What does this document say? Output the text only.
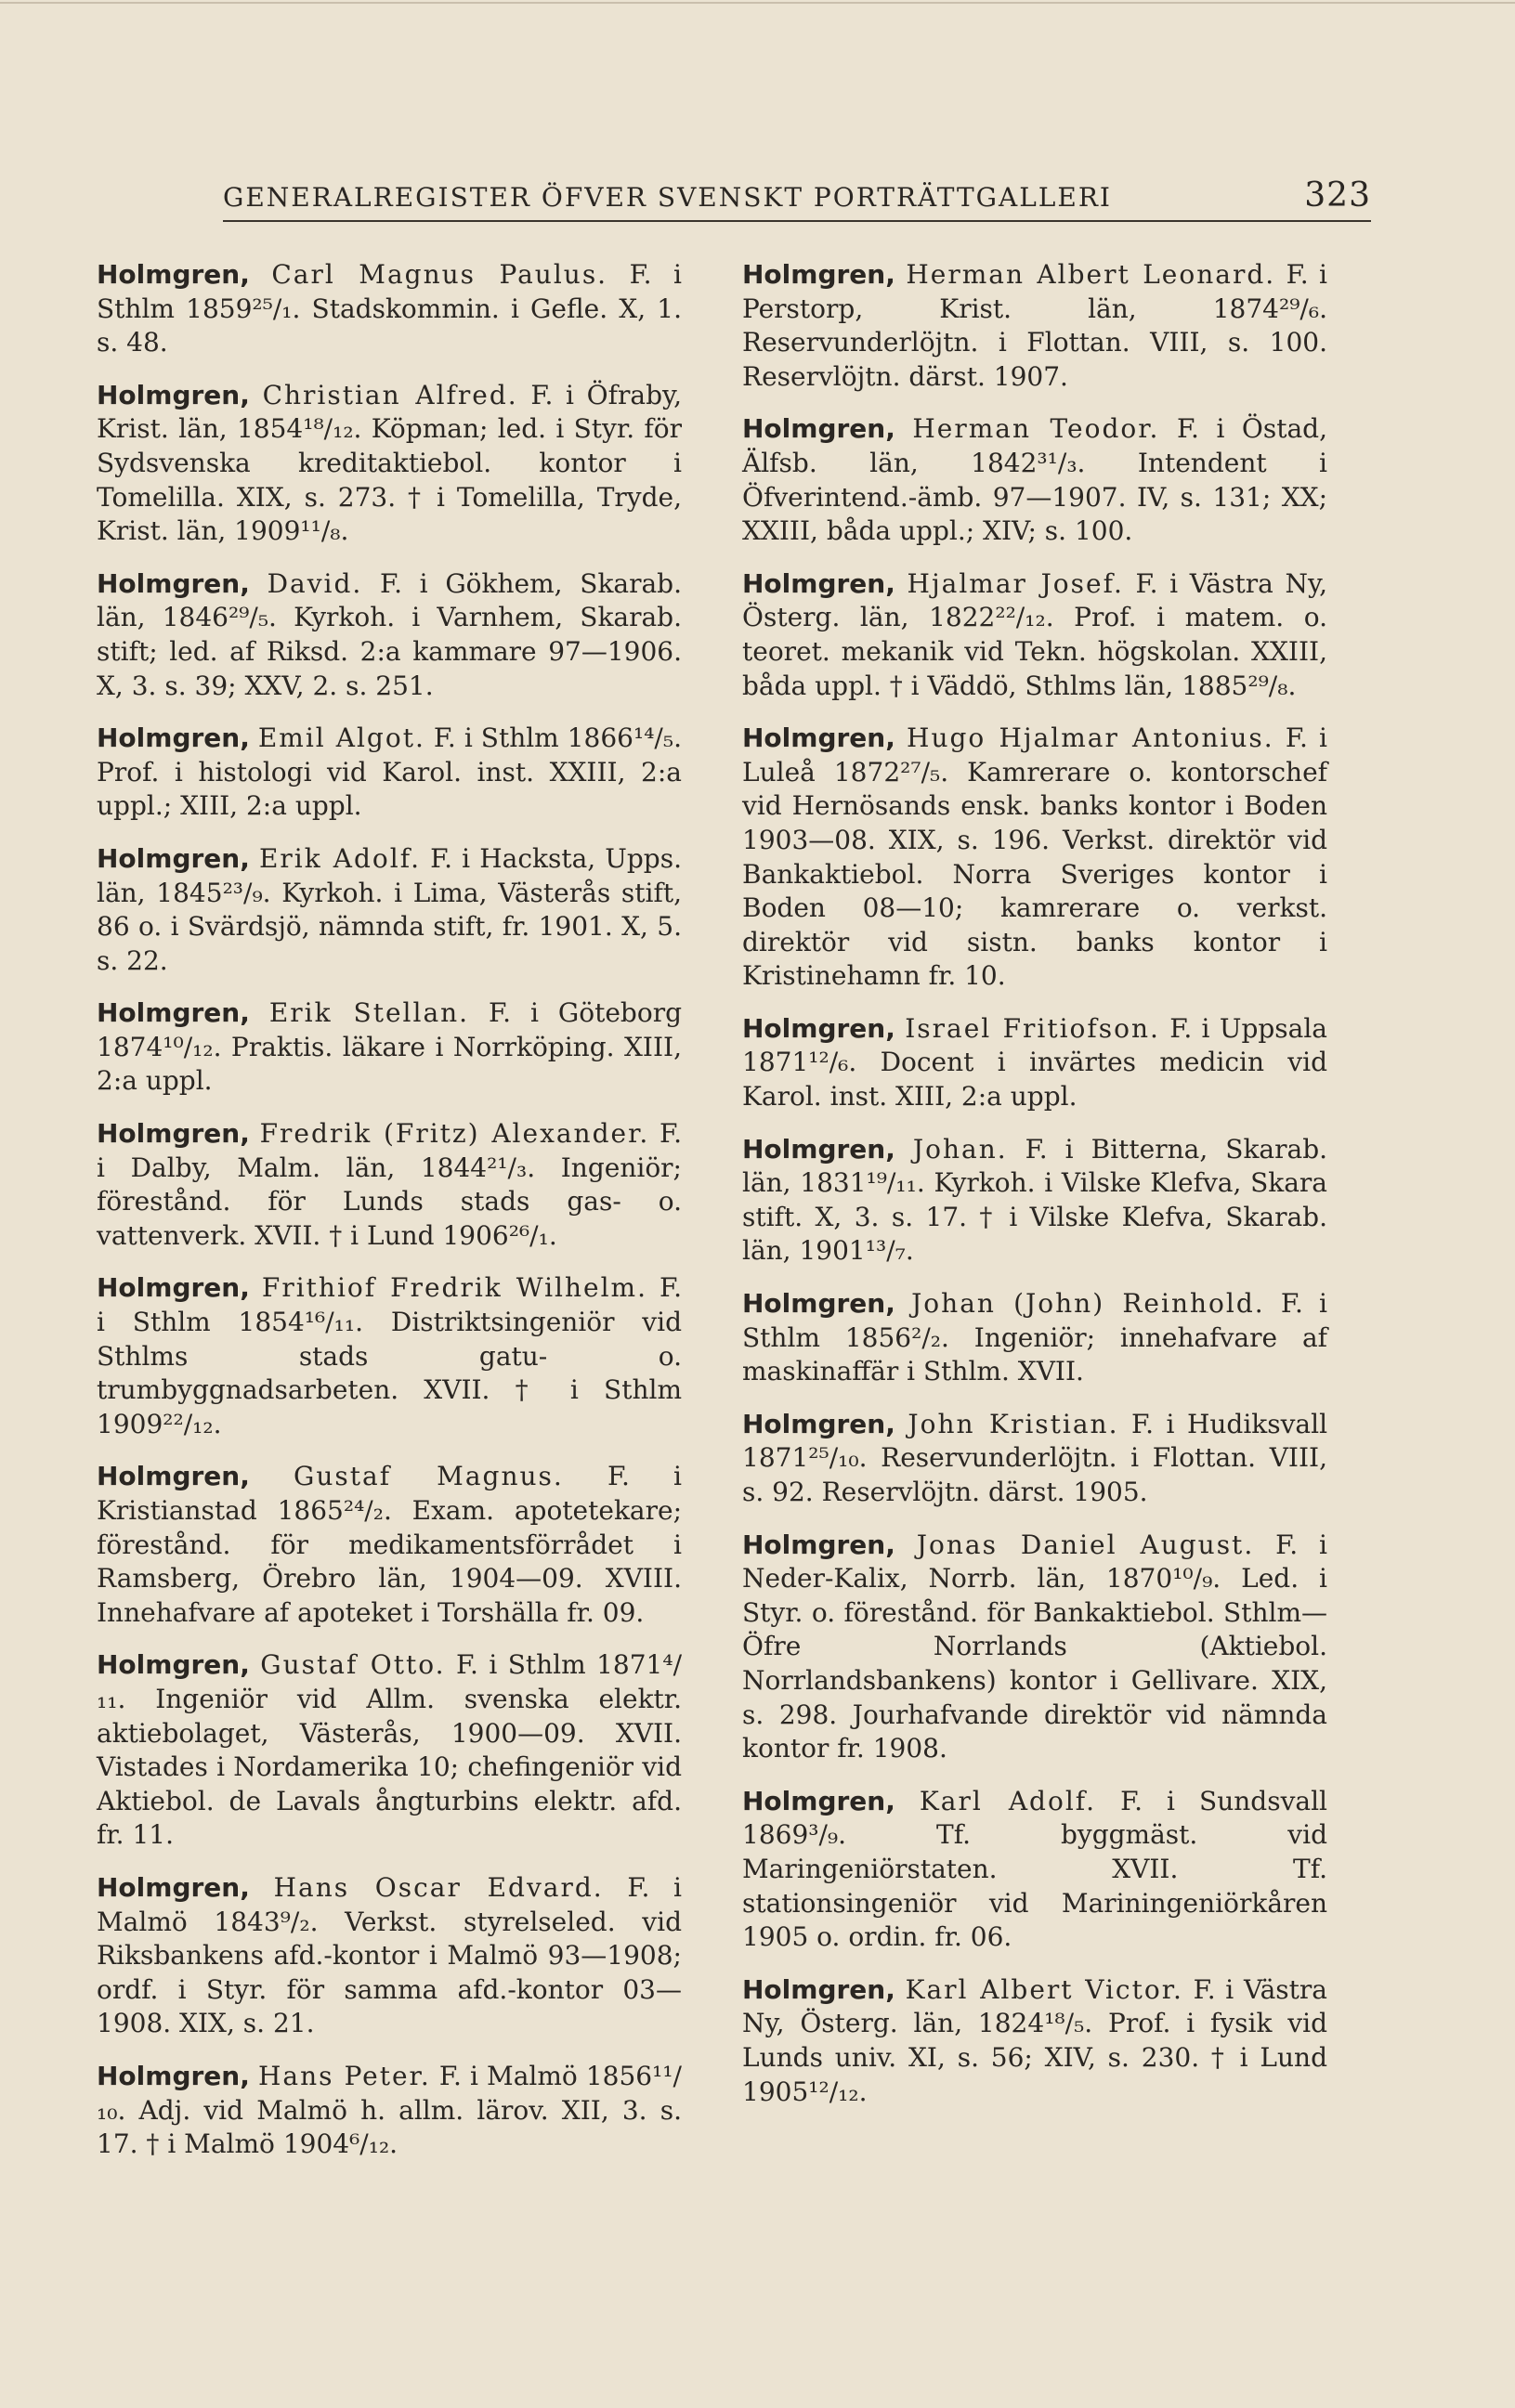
GENERALREGISTER ÖFVER SVENSKT PORTRÄTTGALLERI	323

Holmgren, Carl Magnus Paulus. F. i Sthlm 1859²⁵/₁. Stadskommin. i Gefle. X, 1. s. 48.

Holmgren, Christian Alfred. F. i Öfraby, Krist. län, 1854¹⁸/₁₂. Köpman; led. i Styr. för Sydsvenska kreditaktiebol. kontor i Tomelilla. XIX, s. 273. † i Tomelilla, Tryde, Krist. län, 1909¹¹/₈.

Holmgren, David. F. i Gökhem, Skarab. län, 1846²⁹/₅. Kyrkoh. i Varnhem, Skarab. stift; led. af Riksd. 2:a kammare 97—1906. X, 3. s. 39; XXV, 2. s. 251.

Holmgren, Emil Algot. F. i Sthlm 1866¹⁴/₅. Prof. i histologi vid Karol. inst. XXIII, 2:a uppl.; XIII, 2:a uppl.

Holmgren, Erik Adolf. F. i Hacksta, Upps. län, 1845²³/₉. Kyrkoh. i Lima, Västerås stift, 86 o. i Svärdsjö, nämnda stift, fr. 1901. X, 5. s. 22.

Holmgren, Erik Stellan. F. i Göteborg 1874¹⁰/₁₂. Praktis. läkare i Norrköping. XIII, 2:a uppl.

Holmgren, Fredrik (Fritz) Alexander. F. i Dalby, Malm. län, 1844²¹/₃. Ingeniör; förestånd. för Lunds stads gas- o. vattenverk. XVII. † i Lund 1906²⁶/₁.

Holmgren, Frithiof Fredrik Wilhelm. F. i Sthlm 1854¹⁶/₁₁. Distriktsingeniör vid Sthlms stads gatu- o. trumbyggnadsarbeten. XVII. † i Sthlm 1909²²/₁₂.

Holmgren, Gustaf Magnus. F. i Kristianstad 1865²⁴/₂. Exam. apotetekare; förestånd. för medikamentsförrådet i Ramsberg, Örebro län, 1904—09. XVIII. Innehafvare af apoteket i Torshälla fr. 09.

Holmgren, Gustaf Otto. F. i Sthlm 1871⁴/₁₁. Ingeniör vid Allm. svenska elektr. aktiebolaget, Västerås, 1900—09. XVII. Vistades i Nordamerika 10; chefingeniör vid Aktiebol. de Lavals ångturbins elektr. afd. fr. 11.

Holmgren, Hans Oscar Edvard. F. i Malmö 1843⁹/₂. Verkst. styrelseled. vid Riksbankens afd.-kontor i Malmö 93—1908; ordf. i Styr. för samma afd.-kontor 03—1908. XIX, s. 21.

Holmgren, Hans Peter. F. i Malmö 1856¹¹/₁₀. Adj. vid Malmö h. allm. lärov. XII, 3. s. 17. † i Malmö 1904⁶/₁₂.

Holmgren, Herman Albert Leonard. F. i Perstorp, Krist. län, 1874²⁹/₆. Reservunderlöjtn. i Flottan. VIII, s. 100. Reservlöjtn. därst. 1907.

Holmgren, Herman Teodor. F. i Östad, Älfsb. län, 1842³¹/₃. Intendent i Öfverintend.-ämb. 97—1907. IV, s. 131; XX; XXIII, båda uppl.; XIV; s. 100.

Holmgren, Hjalmar Josef. F. i Västra Ny, Österg. län, 1822²²/₁₂. Prof. i matem. o. teoret. mekanik vid Tekn. högskolan. XXIII, båda uppl. † i Väddö, Sthlms län, 1885²⁹/₈.

Holmgren, Hugo Hjalmar Antonius. F. i Luleå 1872²⁷/₅. Kamrerare o. kontorschef vid Hernösands ensk. banks kontor i Boden 1903—08. XIX, s. 196. Verkst. direktör vid Bankaktiebol. Norra Sveriges kontor i Boden 08—10; kamrerare o. verkst. direktör vid sistn. banks kontor i Kristinehamn fr. 10.

Holmgren, Israel Fritiofson. F. i Uppsala 1871¹²/₆. Docent i invärtes medicin vid Karol. inst. XIII, 2:a uppl.

Holmgren, Johan. F. i Bitterna, Skarab. län, 1831¹⁹/₁₁. Kyrkoh. i Vilske Klefva, Skara stift. X, 3. s. 17. † i Vilske Klefva, Skarab. län, 1901¹³/₇.

Holmgren, Johan (John) Reinhold. F. i Sthlm 1856²/₂. Ingeniör; innehafvare af maskinaffär i Sthlm. XVII.

Holmgren, John Kristian. F. i Hudiksvall 1871²⁵/₁₀. Reservunderlöjtn. i Flottan. VIII, s. 92. Reservlöjtn. därst. 1905.

Holmgren, Jonas Daniel August. F. i Neder-Kalix, Norrb. län, 1870¹⁰/₉. Led. i Styr. o. förestånd. för Bankaktiebol. Sthlm—Öfre Norrlands (Aktiebol. Norrlandsbankens) kontor i Gellivare. XIX, s. 298. Jourhafvande direktör vid nämnda kontor fr. 1908.

Holmgren, Karl Adolf. F. i Sundsvall 1869³/₉. Tf. byggmäst. vid Maringeniörstaten. XVII. Tf. stationsingeniör vid Mariningeniörkåren 1905 o. ordin. fr. 06.

Holmgren, Karl Albert Victor. F. i Västra Ny, Österg. län, 1824¹⁸/₅. Prof. i fysik vid Lunds univ. XI, s. 56; XIV, s. 230. † i Lund 1905¹²/₁₂.
